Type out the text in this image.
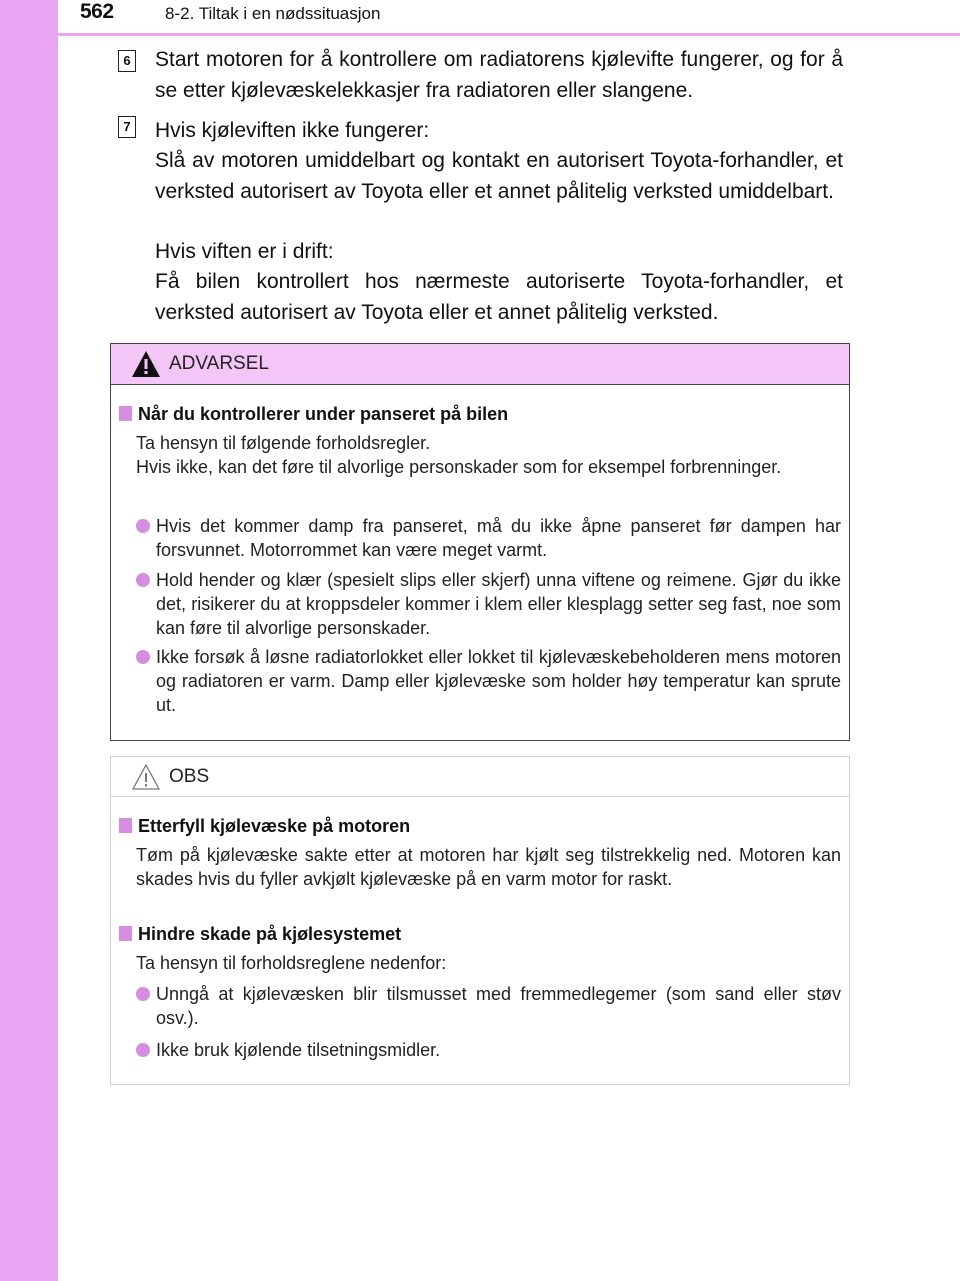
562	8-2. Tiltak i en nødssituasjon
6 Start motoren for å kontrollere om radiatorens kjølevifte fungerer, og for å se etter kjølevæskelekkasjer fra radiatoren eller slangene.
7 Hvis kjøleviften ikke fungerer:
Slå av motoren umiddelbart og kontakt en autorisert Toyota-forhandler, et verksted autorisert av Toyota eller et annet pålitelig verksted umiddelbart.
Hvis viften er i drift:
Få bilen kontrollert hos nærmeste autoriserte Toyota-forhandler, et verksted autorisert av Toyota eller et annet pålitelig verksted.
ADVARSEL
Når du kontrollerer under panseret på bilen
Ta hensyn til følgende forholdsregler.
Hvis ikke, kan det føre til alvorlige personskader som for eksempel forbrenninger.
Hvis det kommer damp fra panseret, må du ikke åpne panseret før dampen har forsvunnet. Motorrommet kan være meget varmt.
Hold hender og klær (spesielt slips eller skjerf) unna viftene og reimene. Gjør du ikke det, risikerer du at kroppsdeler kommer i klem eller klesplagg setter seg fast, noe som kan føre til alvorlige personskader.
Ikke forsøk å løsne radiatorlokket eller lokket til kjølevæskebeholderen mens motoren og radiatoren er varm. Damp eller kjølevæske som holder høy temperatur kan sprute ut.
OBS
Etterfyll kjølevæske på motoren
Tøm på kjølevæske sakte etter at motoren har kjølt seg tilstrekkelig ned. Motoren kan skades hvis du fyller avkjølt kjølevæske på en varm motor for raskt.
Hindre skade på kjølesystemet
Ta hensyn til forholdsreglene nedenfor:
Unngå at kjølevæsken blir tilsmusset med fremmedlegemer (som sand eller støv osv.).
Ikke bruk kjølende tilsetningsmidler.
